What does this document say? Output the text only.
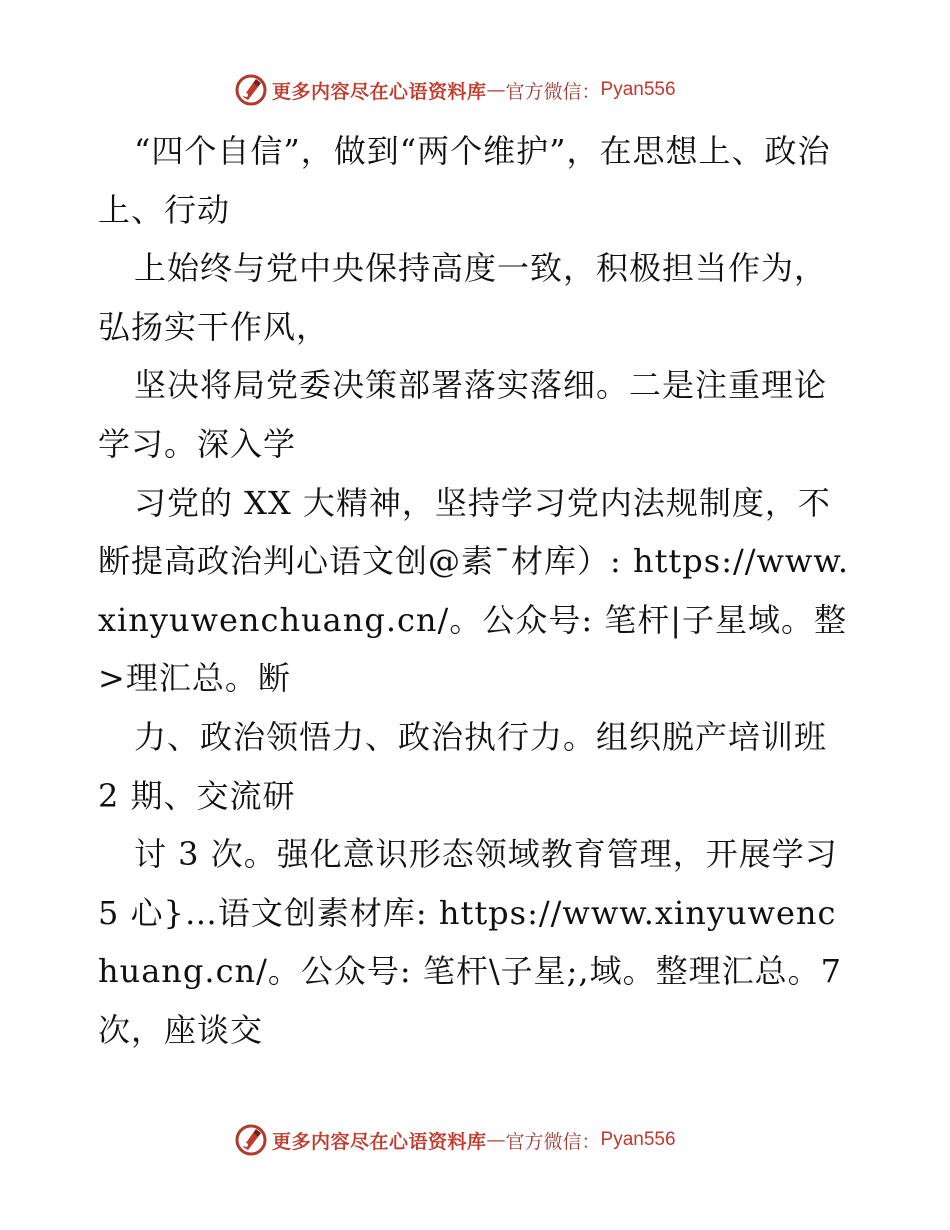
更多内容尽在心语资料库 — 官方微信： Pyan556

“四个自信”，做到“两个维护”，在思想上、政治上、行动

上始终与党中央保持高度一致，积极担当作为，弘扬实干作风，

坚决将局党委决策部署落实落细。二是注重理论学习。深入学

习党的 XX 大精神，坚持学习党内法规制度，不断提高政治判心语文创@素¯材库）: https://www.xinyuwenchuang.cn/。公众号: 笔杆|子星域。整>理汇总。断

力、政治领悟力、政治执行力。组织脱产培训班 2 期、交流研

讨 3 次。强化意识形态领域教育管理，开展学习 5 心}…语文创素材库: https://www.xinyuwenchuang.cn/。公众号: 笔杆\子星;,域。整理汇总。7 次，座谈交

更多内容尽在心语资料库 — 官方微信： Pyan556
